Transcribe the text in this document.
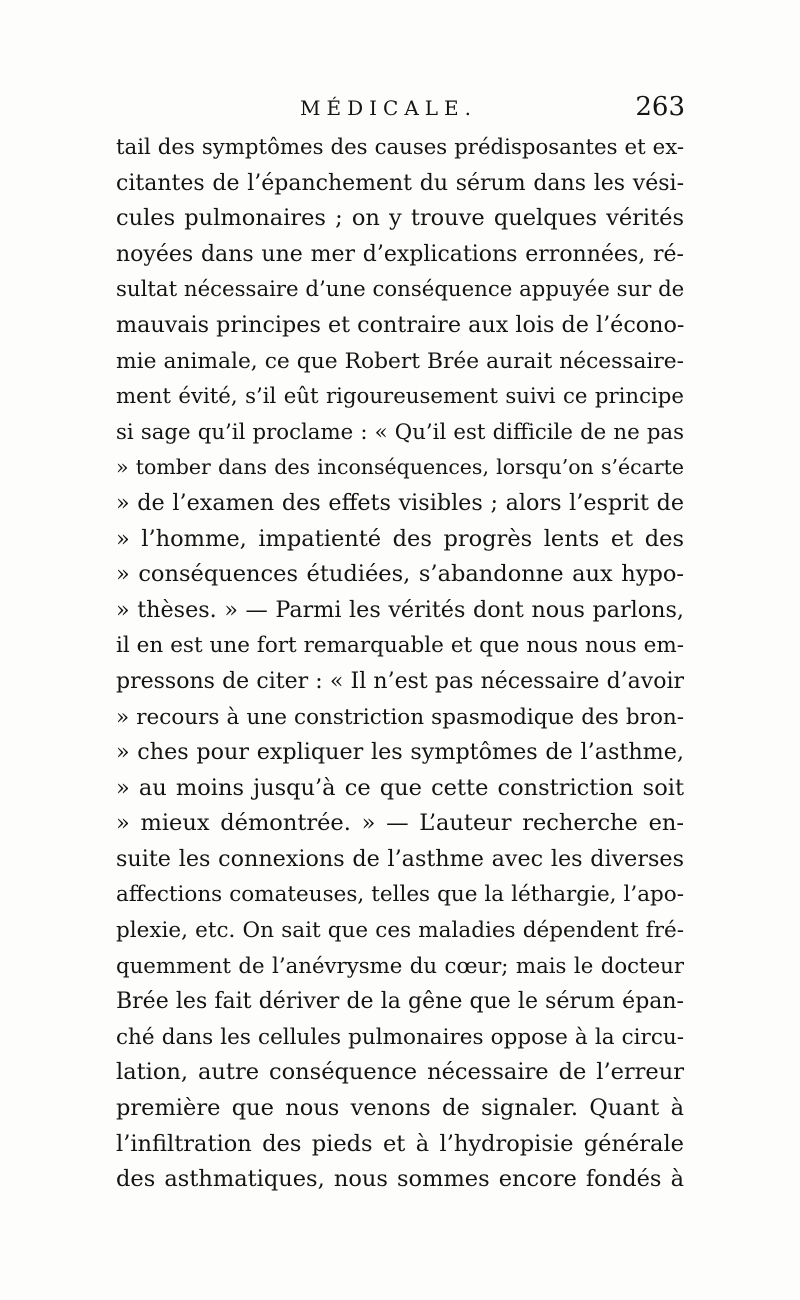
MÉDICALE.	263
tail des symptômes des causes prédisposantes et ex-
citantes de l’épanchement du sérum dans les vési-
cules pulmonaires ; on y trouve quelques vérités
noyées dans une mer d’explications erronnées, ré-
sultat nécessaire d’une conséquence appuyée sur de
mauvais principes et contraire aux lois de l’écono-
mie animale, ce que Robert Brée aurait nécessaire-
ment évité, s’il eût rigoureusement suivi ce principe
si sage qu’il proclame : « Qu’il est difficile de ne pas
» tomber dans des inconséquences, lorsqu’on s’écarte
» de l’examen des effets visibles ; alors l’esprit de
» l’homme, impatienté des progrès lents et des
» conséquences étudiées, s’abandonne aux hypo-
» thèses. » — Parmi les vérités dont nous parlons,
il en est une fort remarquable et que nous nous em-
pressons de citer : « Il n’est pas nécessaire d’avoir
» recours à une constriction spasmodique des bron-
» ches pour expliquer les symptômes de l’asthme,
» au moins jusqu’à ce que cette constriction soit
» mieux démontrée. » — L’auteur recherche en-
suite les connexions de l’asthme avec les diverses
affections comateuses, telles que la léthargie, l’apo-
plexie, etc. On sait que ces maladies dépendent fré-
quemment de l’anévrysme du cœur; mais le docteur
Brée les fait dériver de la gêne que le sérum épan-
ché dans les cellules pulmonaires oppose à la circu-
lation, autre conséquence nécessaire de l’erreur
première que nous venons de signaler. Quant à
l’infiltration des pieds et à l’hydropisie générale
des asthmatiques, nous sommes encore fondés à
